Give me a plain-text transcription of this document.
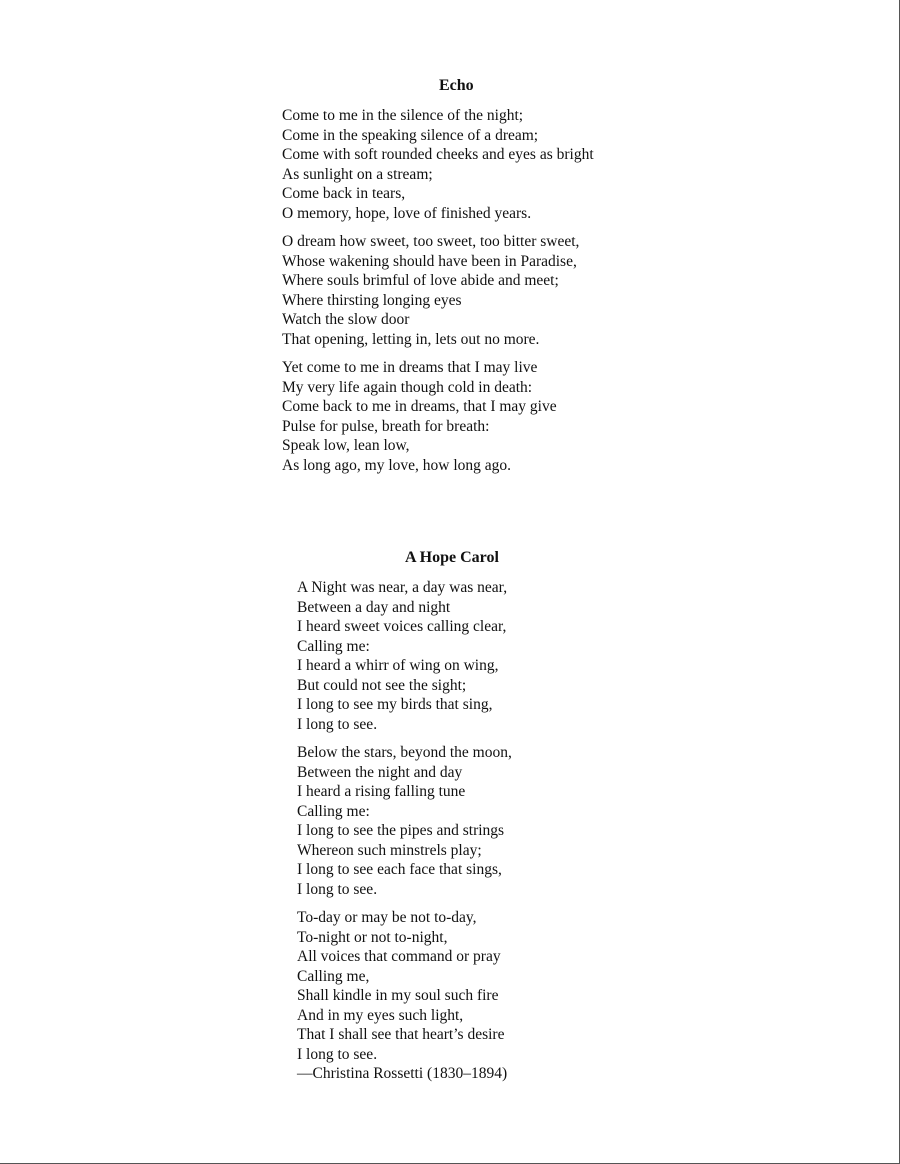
Echo
Come to me in the silence of the night;
Come in the speaking silence of a dream;
Come with soft rounded cheeks and eyes as bright
As sunlight on a stream;
Come back in tears,
O memory, hope, love of finished years.
O dream how sweet, too sweet, too bitter sweet,
Whose wakening should have been in Paradise,
Where souls brimful of love abide and meet;
Where thirsting longing eyes
Watch the slow door
That opening, letting in, lets out no more.
Yet come to me in dreams that I may live
My very life again though cold in death:
Come back to me in dreams, that I may give
Pulse for pulse, breath for breath:
Speak low, lean low,
As long ago, my love, how long ago.
A Hope Carol
A Night was near, a day was near,
Between a day and night
I heard sweet voices calling clear,
Calling me:
I heard a whirr of wing on wing,
But could not see the sight;
I long to see my birds that sing,
I long to see.
Below the stars, beyond the moon,
Between the night and day
I heard a rising falling tune
Calling me:
I long to see the pipes and strings
Whereon such minstrels play;
I long to see each face that sings,
I long to see.
To-day or may be not to-day,
To-night or not to-night,
All voices that command or pray
Calling me,
Shall kindle in my soul such fire
And in my eyes such light,
That I shall see that heart’s desire
I long to see.
—Christina Rossetti (1830–1894)
